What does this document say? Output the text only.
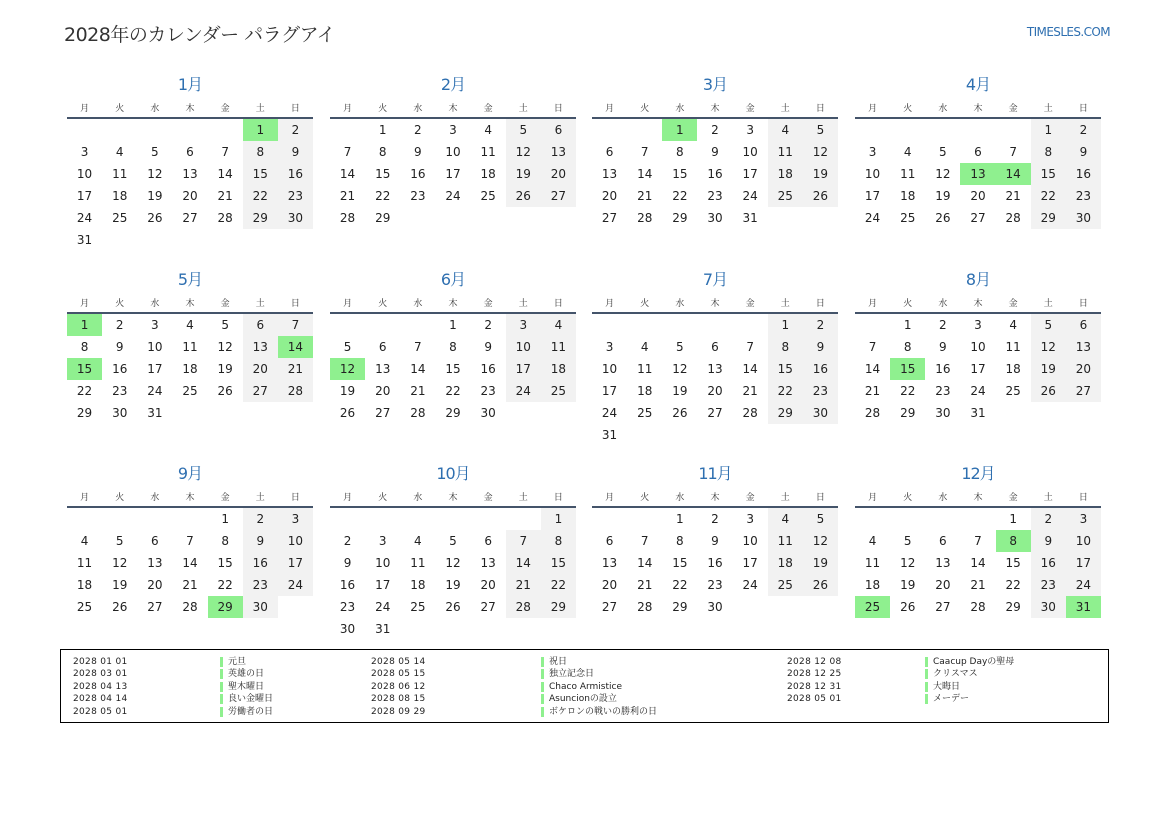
2028年のカレンダー パラグアイ	TIMESLES.COM
1月
月	火	水	木	金	土	日
					1	2
3	4	5	6	7	8	9
10	11	12	13	14	15	16
17	18	19	20	21	22	23
24	25	26	27	28	29	30
31						
2月
月	火	水	木	金	土	日
	1	2	3	4	5	6
7	8	9	10	11	12	13
14	15	16	17	18	19	20
21	22	23	24	25	26	27
28	29					
3月
月	火	水	木	金	土	日
		1	2	3	4	5
6	7	8	9	10	11	12
13	14	15	16	17	18	19
20	21	22	23	24	25	26
27	28	29	30	31		
4月
月	火	水	木	金	土	日
					1	2
3	4	5	6	7	8	9
10	11	12	13	14	15	16
17	18	19	20	21	22	23
24	25	26	27	28	29	30
5月
月	火	水	木	金	土	日
1	2	3	4	5	6	7
8	9	10	11	12	13	14
15	16	17	18	19	20	21
22	23	24	25	26	27	28
29	30	31				
6月
月	火	水	木	金	土	日
			1	2	3	4
5	6	7	8	9	10	11
12	13	14	15	16	17	18
19	20	21	22	23	24	25
26	27	28	29	30		
7月
月	火	水	木	金	土	日
					1	2
3	4	5	6	7	8	9
10	11	12	13	14	15	16
17	18	19	20	21	22	23
24	25	26	27	28	29	30
31						
8月
月	火	水	木	金	土	日
	1	2	3	4	5	6
7	8	9	10	11	12	13
14	15	16	17	18	19	20
21	22	23	24	25	26	27
28	29	30	31			
9月
月	火	水	木	金	土	日
				1	2	3
4	5	6	7	8	9	10
11	12	13	14	15	16	17
18	19	20	21	22	23	24
25	26	27	28	29	30	
10月
月	火	水	木	金	土	日
						1
2	3	4	5	6	7	8
9	10	11	12	13	14	15
16	17	18	19	20	21	22
23	24	25	26	27	28	29
30	31					
11月
月	火	水	木	金	土	日
		1	2	3	4	5
6	7	8	9	10	11	12
13	14	15	16	17	18	19
20	21	22	23	24	25	26
27	28	29	30			
12月
月	火	水	木	金	土	日
				1	2	3
4	5	6	7	8	9	10
11	12	13	14	15	16	17
18	19	20	21	22	23	24
25	26	27	28	29	30	31
2028 01 01	元旦
2028 03 01	英雄の日
2028 04 13	聖木曜日
2028 04 14	良い金曜日
2028 05 01	労働者の日
2028 05 14	祝日
2028 05 15	独立記念日
2028 06 12	Chaco Armistice
2028 08 15	Asuncionの設立
2028 09 29	ボケロンの戦いの勝利の日
2028 12 08	Caacup Dayの聖母
2028 12 25	クリスマス
2028 12 31	大晦日
2028 05 01	メーデー
